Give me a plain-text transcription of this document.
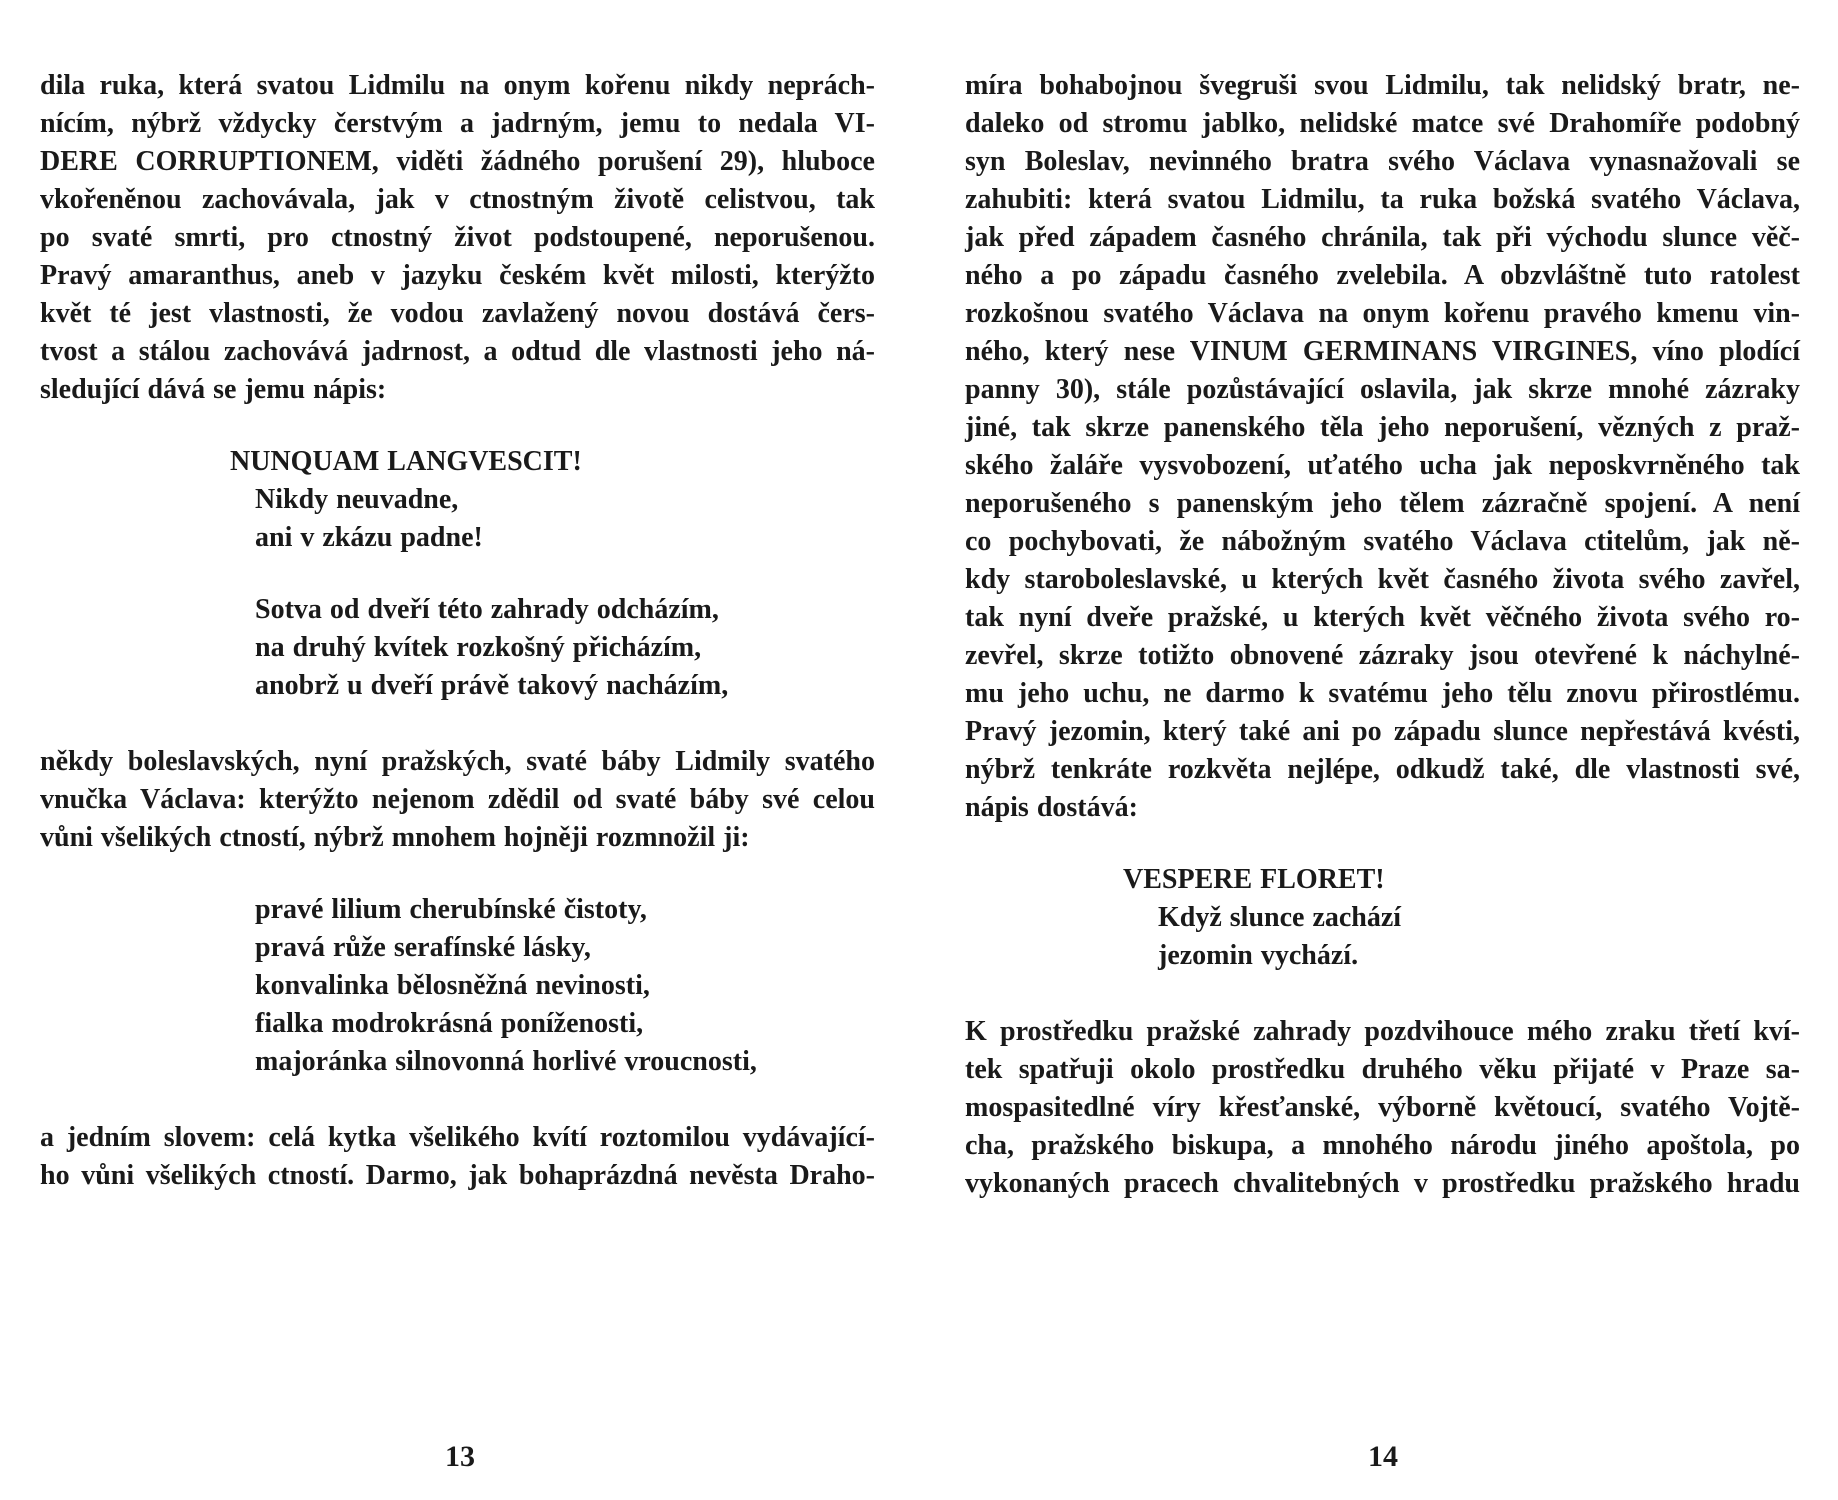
dila ruka, která svatou Lidmilu na onym kořenu nikdy neprách-
nícím, nýbrž vždycky čerstvým a jadrným, jemu to nedala VI-
DERE CORRUPTIONEM, viděti žádného porušení 29), hluboce
vkořeněnou zachovávala, jak v ctnostným životě celistvou, tak
po svaté smrti, pro ctnostný život podstoupené, neporušenou.
Pravý amaranthus, aneb v jazyku českém květ milosti, kterýžto
květ té jest vlastnosti, že vodou zavlažený novou dostává čers-
tvost a stálou zachovává jadrnost, a odtud dle vlastnosti jeho ná-
sledující dává se jemu nápis:
NUNQUAM LANGVESCIT!
Nikdy neuvadne,
ani v zkázu padne!
Sotva od dveří této zahrady odcházím,
na druhý kvítek rozkošný přicházím,
anobrž u dveří právě takový nacházím,
někdy boleslavských, nyní pražských, svaté báby Lidmily svatého
vnučka Václava: kterýžto nejenom zdědil od svaté báby své celou
vůni všelikých ctností, nýbrž mnohem hojněji rozmnožil ji:
pravé lilium cherubínské čistoty,
pravá růže serafínské lásky,
konvalinka bělosněžná nevinosti,
fialka modrokrásná poníženosti,
majoránka silnovonná horlivé vroucnosti,
a jedním slovem: celá kytka všelikého kvítí roztomilou vydávající-
ho vůni všelikých ctností. Darmo, jak bohaprázdná nevěsta Draho-
13
míra bohabojnou švegruši svou Lidmilu, tak nelidský bratr, ne-
daleko od stromu jablko, nelidské matce své Drahomíře podobný
syn Boleslav, nevinného bratra svého Václava vynasnažovali se
zahubiti: která svatou Lidmilu, ta ruka božská svatého Václava,
jak před západem časného chránila, tak při východu slunce věč-
ného a po západu časného zvelebila. A obzvláštně tuto ratolest
rozkošnou svatého Václava na onym kořenu pravého kmenu vin-
ného, který nese VINUM GERMINANS VIRGINES, víno plodící
panny 30), stále pozůstávající oslavila, jak skrze mnohé zázraky
jiné, tak skrze panenského těla jeho neporušení, vězných z praž-
ského žaláře vysvobození, uťatého ucha jak neposkvrněného tak
neporušeného s panenským jeho tělem zázračně spojení. A není
co pochybovati, že nábožným svatého Václava ctitelům, jak ně-
kdy staroboleslavské, u kterých květ časného života svého zavřel,
tak nyní dveře pražské, u kterých květ věčného života svého ro-
zevřel, skrze totižto obnovené zázraky jsou otevřené k náchylné-
mu jeho uchu, ne darmo k svatému jeho tělu znovu přirostlému.
Pravý jezomin, který také ani po západu slunce nepřestává kvésti,
nýbrž tenkráte rozkvěta nejlépe, odkudž také, dle vlastnosti své,
nápis dostává:
VESPERE FLORET!
Když slunce zachází
jezomin vychází.
K prostředku pražské zahrady pozdvihouce mého zraku třetí kví-
tek spatřuji okolo prostředku druhého věku přijaté v Praze sa-
mospasitedlné víry křesťanské, výborně květoucí, svatého Vojtě-
cha, pražského biskupa, a mnohého národu jiného apoštola, po
vykonaných pracech chvalitebných v prostředku pražského hradu
14
